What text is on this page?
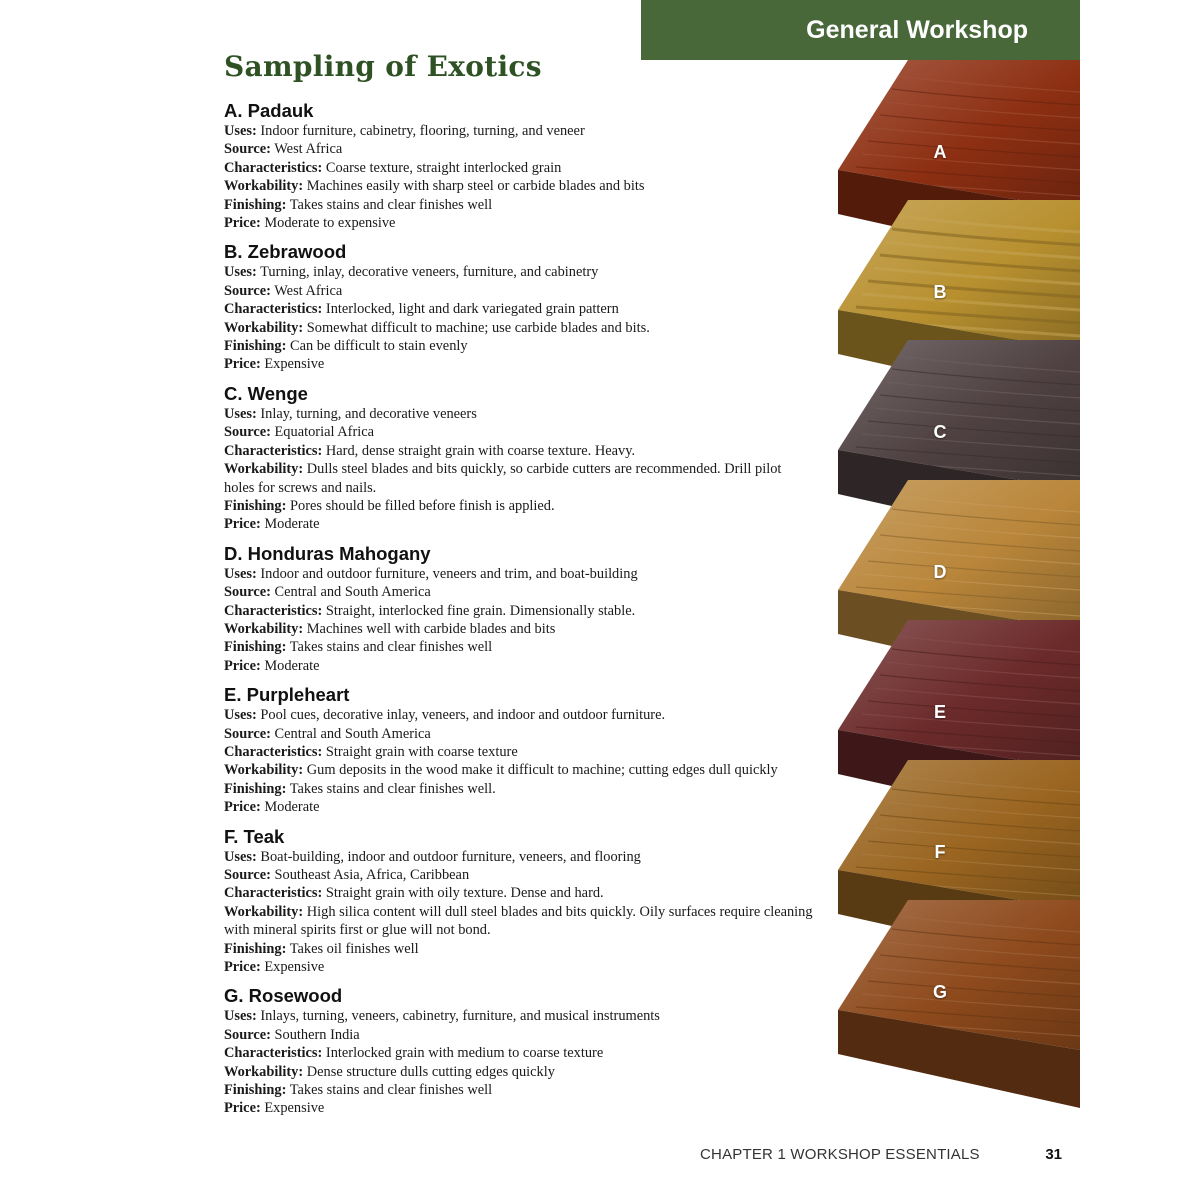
General Workshop
Sampling of Exotics
A. Padauk
Uses: Indoor furniture, cabinetry, flooring, turning, and veneer
Source: West Africa
Characteristics: Coarse texture, straight interlocked grain
Workability: Machines easily with sharp steel or carbide blades and bits
Finishing: Takes stains and clear finishes well
Price: Moderate to expensive
B. Zebrawood
Uses: Turning, inlay, decorative veneers, furniture, and cabinetry
Source: West Africa
Characteristics: Interlocked, light and dark variegated grain pattern
Workability: Somewhat difficult to machine; use carbide blades and bits.
Finishing: Can be difficult to stain evenly
Price: Expensive
C. Wenge
Uses: Inlay, turning, and decorative veneers
Source: Equatorial Africa
Characteristics: Hard, dense straight grain with coarse texture. Heavy.
Workability: Dulls steel blades and bits quickly, so carbide cutters are recommended. Drill pilot holes for screws and nails.
Finishing: Pores should be filled before finish is applied.
Price: Moderate
D. Honduras Mahogany
Uses: Indoor and outdoor furniture, veneers and trim, and boat-building
Source: Central and South America
Characteristics: Straight, interlocked fine grain. Dimensionally stable.
Workability: Machines well with carbide blades and bits
Finishing: Takes stains and clear finishes well
Price: Moderate
E. Purpleheart
Uses: Pool cues, decorative inlay, veneers, and indoor and outdoor furniture.
Source: Central and South America
Characteristics: Straight grain with coarse texture
Workability: Gum deposits in the wood make it difficult to machine; cutting edges dull quickly
Finishing: Takes stains and clear finishes well.
Price: Moderate
F. Teak
Uses: Boat-building, indoor and outdoor furniture, veneers, and flooring
Source: Southeast Asia, Africa, Caribbean
Characteristics: Straight grain with oily texture. Dense and hard.
Workability: High silica content will dull steel blades and bits quickly. Oily surfaces require cleaning with mineral spirits first or glue will not bond.
Finishing: Takes oil finishes well
Price: Expensive
G. Rosewood
Uses: Inlays, turning, veneers, cabinetry, furniture, and musical instruments
Source: Southern India
Characteristics: Interlocked grain with medium to coarse texture
Workability: Dense structure dulls cutting edges quickly
Finishing: Takes stains and clear finishes well
Price: Expensive
A
B
C
D
E
F
G
CHAPTER 1 WORKSHOP ESSENTIALS	31
